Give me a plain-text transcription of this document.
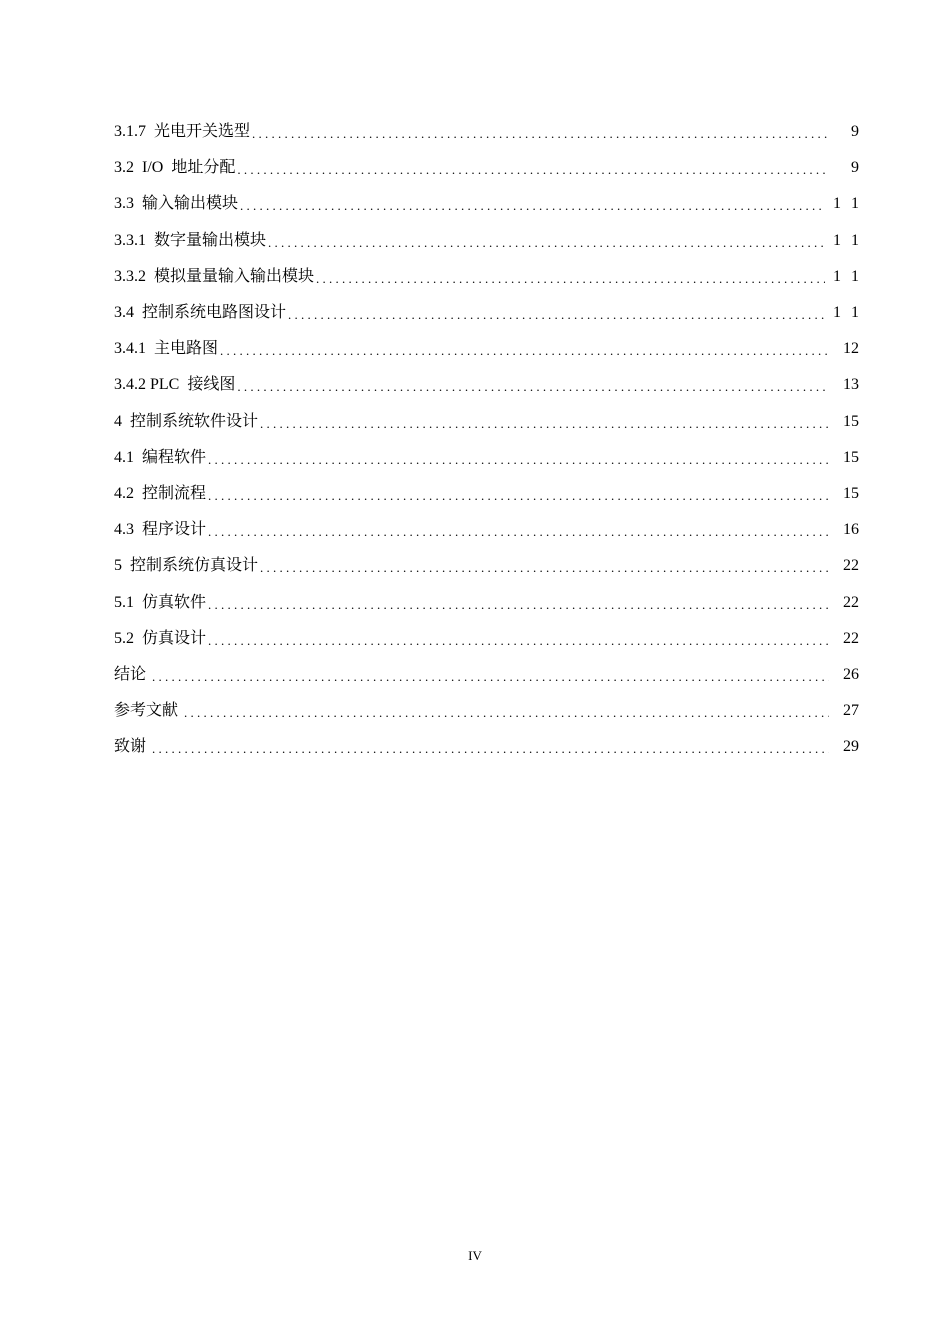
3.1.7  光电开关选型 . . .	9
3.2  I/O  地址分配 . . .	9
3.3  输入输出模块 . . .	1 1
3.3.1  数字量输出模块 . . .	1 1
3.3.2  模拟量量输入输出模块 . . .	1 1
3.4  控制系统电路图设计 . . .	1 1
3.4.1  主电路图 . . .	12
3.4.2 PLC  接线图 . . .	13
4  控制系统软件设计 . . .	15
4.1  编程软件 . . .	15
4.2  控制流程 . . .	15
4.3  程序设计 . . .	16
5  控制系统仿真设计 . . .	22
5.1  仿真软件 . . .	22
5.2  仿真设计 . . .	22
结论 . . .	26
参考文献 . . .	27
致谢 . . .	29
IV
